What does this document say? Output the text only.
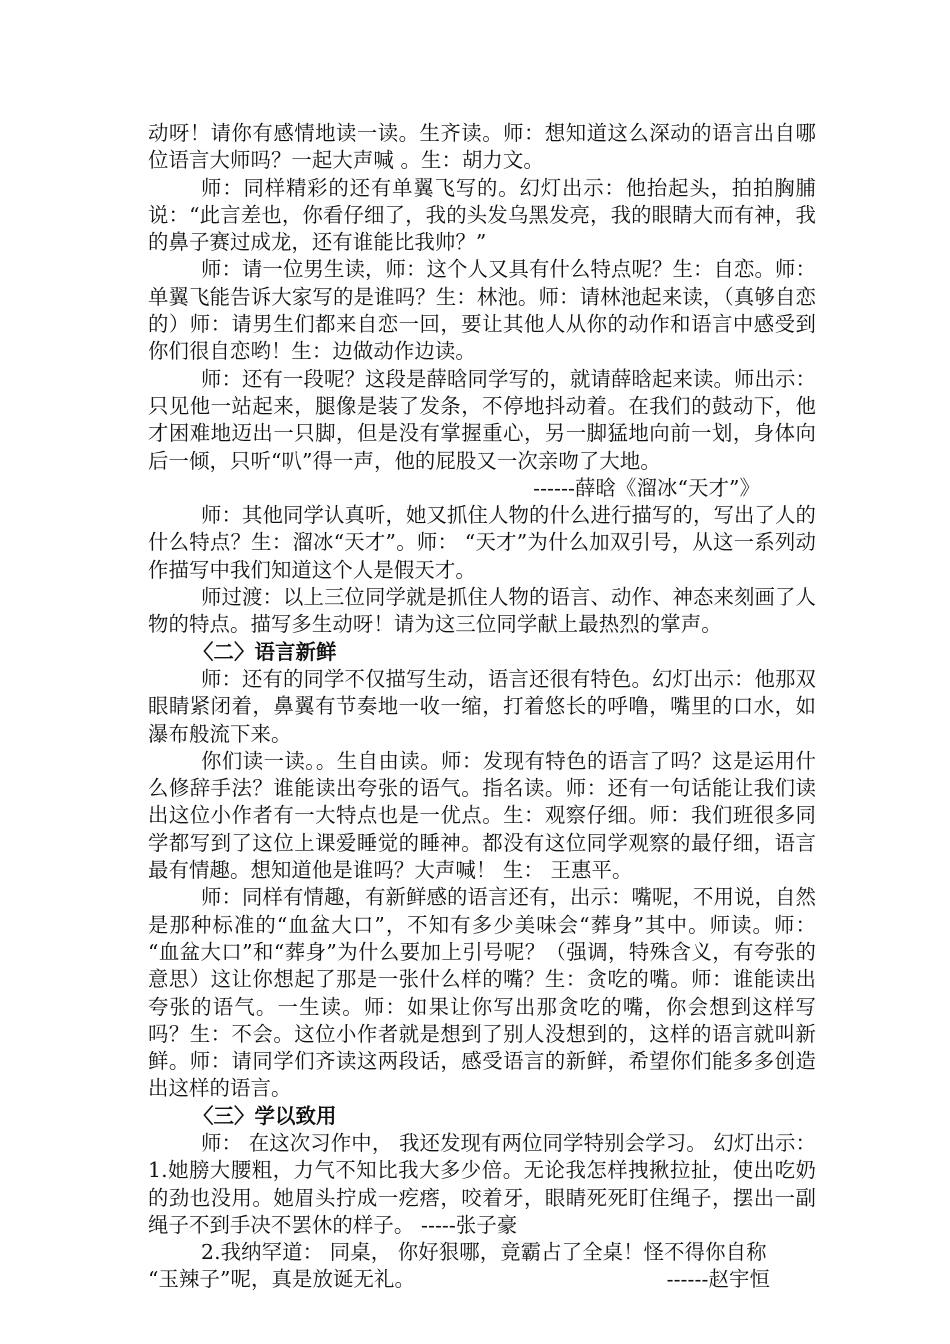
动呀！请你有感情地读一读。生齐读。师：想知道这么深动的语言出自哪位语言大师吗？一起大声喊 。生：胡力文。

师：同样精彩的还有单翼飞写的。幻灯出示：他抬起头，拍拍胸脯说：“此言差也，你看仔细了，我的头发乌黑发亮，我的眼睛大而有神，我的鼻子赛过成龙，还有谁能比我帅？”

师：请一位男生读，师：这个人又具有什么特点呢？生：自恋。师：单翼飞能告诉大家写的是谁吗？生：林池。师：请林池起来读，（真够自恋的）师：请男生们都来自恋一回，要让其他人从你的动作和语言中感受到你们很自恋哟！生：边做动作边读。

师：还有一段呢？这段是薛晗同学写的，就请薛晗起来读。师出示：只见他一站起来，腿像是装了发条，不停地抖动着。在我们的鼓动下，他才困难地迈出一只脚，但是没有掌握重心，另一脚猛地向前一划，身体向后一倾，只听“叭”得一声，他的屁股又一次亲吻了大地。

------薛晗《溜冰“天才”》

师：其他同学认真听，她又抓住人物的什么进行描写的，写出了人的什么特点？生：溜冰“天才”。师： “天才”为什么加双引号，从这一系列动作描写中我们知道这个人是假天才。

师过渡：以上三位同学就是抓住人物的语言、动作、神态来刻画了人物的特点。描写多生动呀！请为这三位同学献上最热烈的掌声。

〈二〉语言新鲜

师：还有的同学不仅描写生动，语言还很有特色。幻灯出示：他那双眼睛紧闭着，鼻翼有节奏地一收一缩，打着悠长的呼噜，嘴里的口水，如瀑布般流下来。

你们读一读。。生自由读。师：发现有特色的语言了吗？这是运用什么修辞手法？谁能读出夸张的语气。指名读。师：还有一句话能让我们读出这位小作者有一大特点也是一优点。生：观察仔细。师：我们班很多同学都写到了这位上课爱睡觉的睡神。都没有这位同学观察的最仔细，语言最有情趣。想知道他是谁吗？大声喊！ 生： 王惠平。

师：同样有情趣，有新鲜感的语言还有，出示：嘴呢，不用说，自然是那种标准的“血盆大口”，不知有多少美味会“葬身”其中。师读。师： “血盆大口”和“葬身”为什么要加上引号呢？（强调，特殊含义，有夸张的意思）这让你想起了那是一张什么样的嘴？生：贪吃的嘴。师：谁能读出夸张的语气。一生读。师：如果让你写出那贪吃的嘴，你会想到这样写吗？生：不会。这位小作者就是想到了别人没想到的，这样的语言就叫新鲜。师：请同学们齐读这两段话，感受语言的新鲜，希望你们能多多创造出这样的语言。

〈三〉学以致用

师： 在这次习作中， 我还发现有两位同学特别会学习。 幻灯出示：1.她膀大腰粗，力气不知比我大多少倍。无论我怎样拽揪拉扯，使出吃奶的劲也没用。她眉头拧成一疙瘩，咬着牙，眼睛死死盯住绳子，摆出一副绳子不到手决不罢休的样子。 -----张子豪

2.我纳罕道： 同桌， 你好狠哪，竟霸占了全桌！怪不得你自称

“玉辣子”呢，真是放诞无礼。	------赵宇恒
